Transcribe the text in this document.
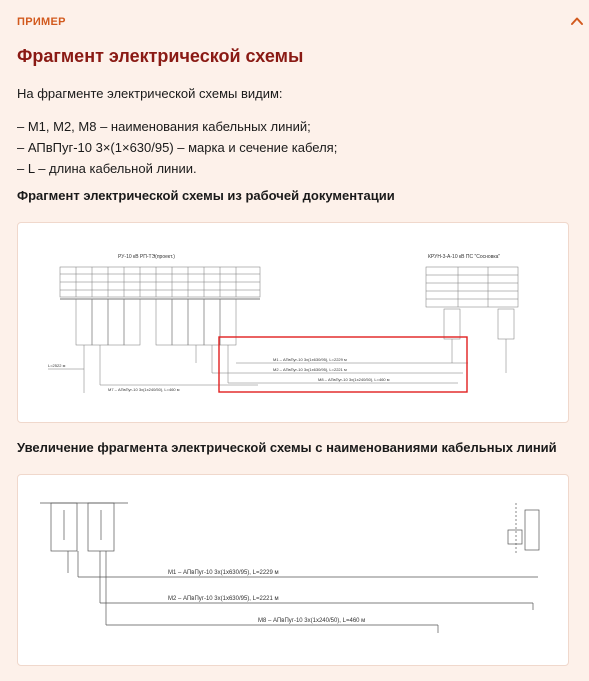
ПРИМЕР
Фрагмент электрической схемы
На фрагменте электрической схемы видим:
– М1, М2, М8 – наименования кабельных линий;
– АПвПуг-10 3×(1×630/95) – марка и сечение кабеля;
– L – длина кабельной линии.
Фрагмент электрической схемы из рабочей документации
РУ-10 кВ РП-ТЭ(проект.)	КРУН-3-А-10 кВ ПС "Сосновка"
L=2522 м
М1 – АПвПуг-10 3х(1х630/95), L=2229 м
М2 – АПвПуг-10 3х(1х630/95), L=2221 м
М8 – АПвПуг-10 3х(1х240/50), L=460 м
М7 – АПвПуг-10 3х(1х240/50), L=460 м
Увеличение фрагмента электрической схемы с наименованиями кабельных линий
М1 – АПвПуг-10 3х(1х630/95), L=2229 м
М2 – АПвПуг-10 3х(1х630/95), L=2221 м
М8 – АПвПуг-10 3х(1х240/50), L=460 м
